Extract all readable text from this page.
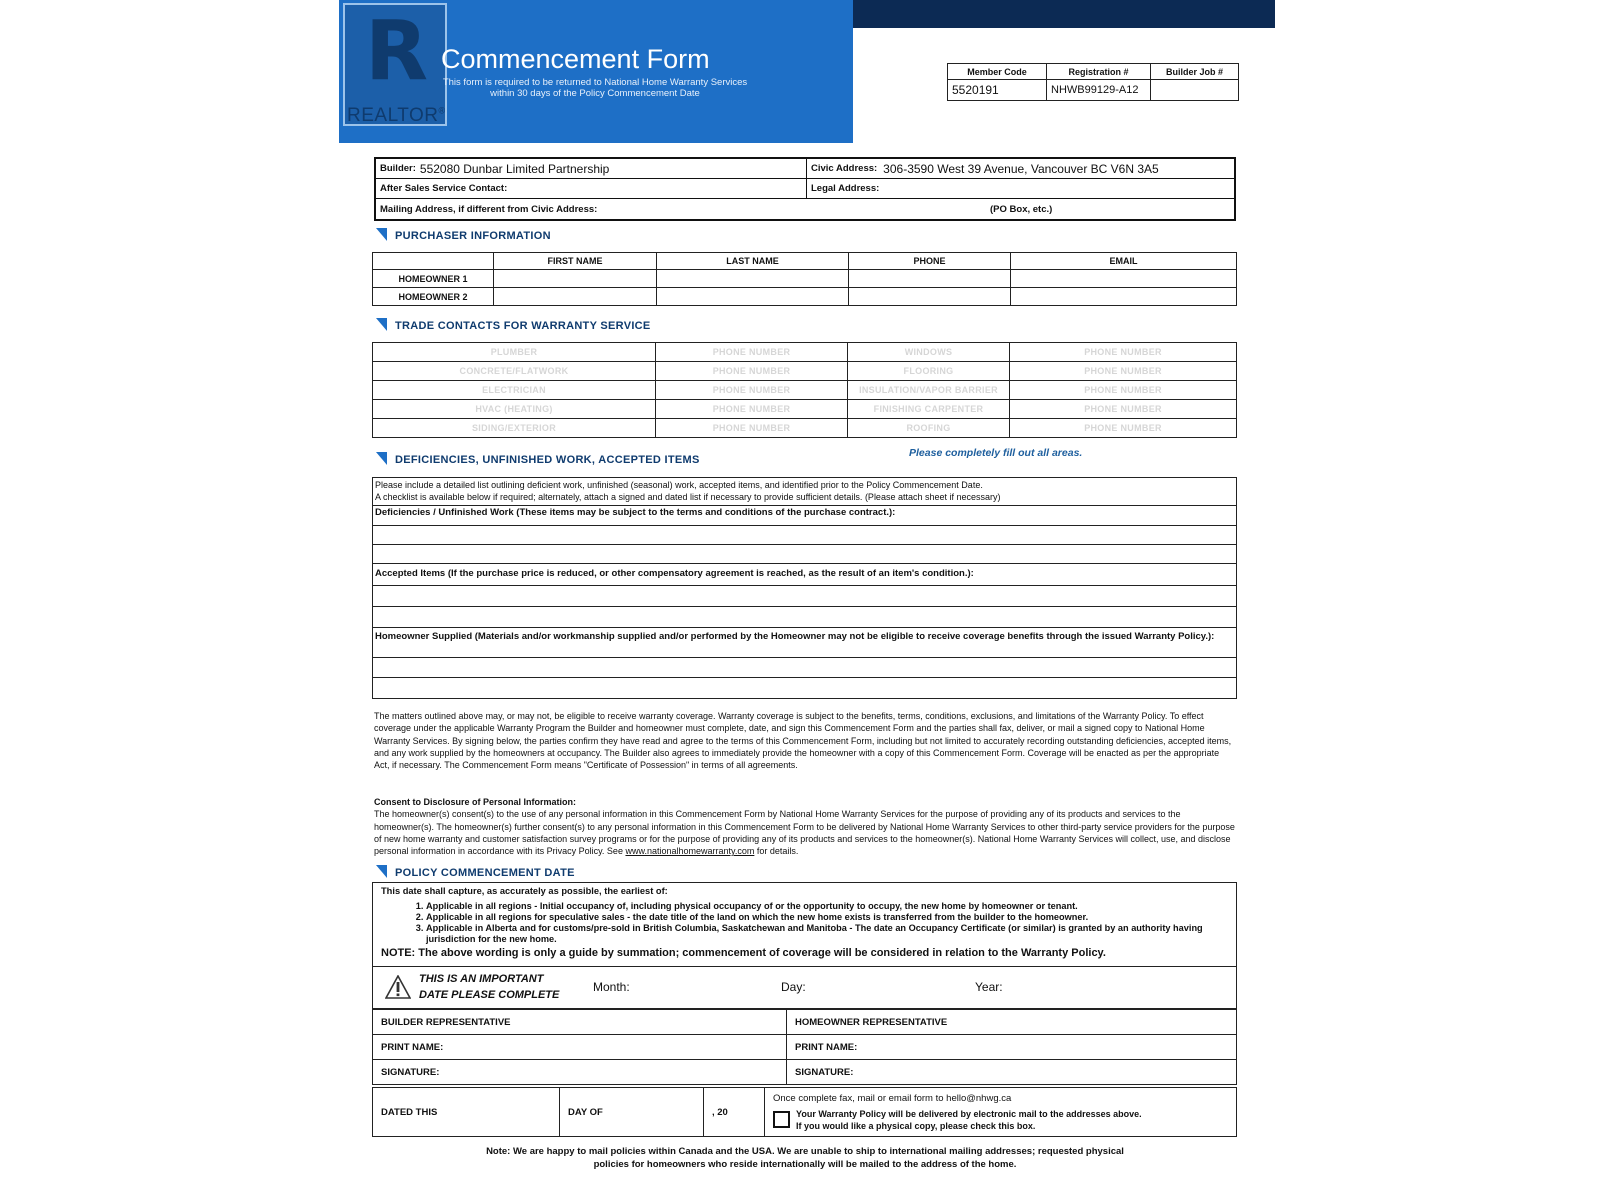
R
REALTOR®
Commencement Form
This form is required to be returned to National Home Warranty Services
within 30 days of the Policy Commencement Date
Member Code	Registration #	Builder Job #
5520191	NHWB99129-A12	
Builder: 552080 Dunbar Limited Partnership	Civic Address: 306-3590 West 39 Avenue, Vancouver BC V6N 3A5
After Sales Service Contact:	Legal Address:
Mailing Address, if different from Civic Address:	(PO Box, etc.)
PURCHASER INFORMATION
	FIRST NAME	LAST NAME	PHONE	EMAIL
HOMEOWNER 1				
HOMEOWNER 2				
TRADE CONTACTS FOR WARRANTY SERVICE
PLUMBER	PHONE NUMBER	WINDOWS	PHONE NUMBER
CONCRETE/FLATWORK	PHONE NUMBER	FLOORING	PHONE NUMBER
ELECTRICIAN	PHONE NUMBER	INSULATION/VAPOR BARRIER	PHONE NUMBER
HVAC (HEATING)	PHONE NUMBER	FINISHING CARPENTER	PHONE NUMBER
SIDING/EXTERIOR	PHONE NUMBER	ROOFING	PHONE NUMBER
DEFICIENCIES, UNFINISHED WORK, ACCEPTED ITEMS
Please completely fill out all areas.
Please include a detailed list outlining deficient work, unfinished (seasonal) work, accepted items, and identified prior to the Policy Commencement Date.
A checklist is available below if required; alternately, attach a signed and dated list if necessary to provide sufficient details. (Please attach sheet if necessary)
Deficiencies / Unfinished Work (These items may be subject to the terms and conditions of the purchase contract.):
Accepted Items (If the purchase price is reduced, or other compensatory agreement is reached, as the result of an item's condition.):
Homeowner Supplied (Materials and/or workmanship supplied and/or performed by the Homeowner may not be eligible to receive coverage benefits through the issued Warranty Policy.):
The matters outlined above may, or may not, be eligible to receive warranty coverage. Warranty coverage is subject to the benefits, terms, conditions, exclusions, and limitations of the Warranty Policy. To effect coverage under the applicable Warranty Program the Builder and homeowner must complete, date, and sign this Commencement Form and the parties shall fax, deliver, or mail a signed copy to National Home Warranty Services. By signing below, the parties confirm they have read and agree to the terms of this Commencement Form, including but not limited to accurately recording outstanding deficiencies, accepted items, and any work supplied by the homeowners at occupancy. The Builder also agrees to immediately provide the homeowner with a copy of this Commencement Form. Coverage will be enacted as per the appropriate Act, if necessary. The Commencement Form means "Certificate of Possession" in terms of all agreements.
Consent to Disclosure of Personal Information:
The homeowner(s) consent(s) to the use of any personal information in this Commencement Form by National Home Warranty Services for the purpose of providing any of its products and services to the homeowner(s). The homeowner(s) further consent(s) to any personal information in this Commencement Form to be delivered by National Home Warranty Services to other third-party service providers for the purpose of new home warranty and customer satisfaction survey programs or for the purpose of providing any of its products and services to the homeowner(s). National Home Warranty Services will collect, use, and disclose personal information in accordance with its Privacy Policy. See www.nationalhomewarranty.com for details.
POLICY COMMENCEMENT DATE
This date shall capture, as accurately as possible, the earliest of:
1. Applicable in all regions - Initial occupancy of, including physical occupancy of or the opportunity to occupy, the new home by homeowner or tenant.
2. Applicable in all regions for speculative sales - the date title of the land on which the new home exists is transferred from the builder to the homeowner.
3. Applicable in Alberta and for customs/pre-sold in British Columbia, Saskatchewan and Manitoba - The date an Occupancy Certificate (or similar) is granted by an authority having jurisdiction for the new home.
NOTE: The above wording is only a guide by summation; commencement of coverage will be considered in relation to the Warranty Policy.
THIS IS AN IMPORTANT
DATE PLEASE COMPLETE
Month:	Day:	Year:
BUILDER REPRESENTATIVE	HOMEOWNER REPRESENTATIVE
PRINT NAME:	PRINT NAME:
SIGNATURE:	SIGNATURE:
DATED THIS	DAY OF	, 20	
Once complete fax, mail or email form to hello@nhwg.ca
Your Warranty Policy will be delivered by electronic mail to the addresses above.
If you would like a physical copy, please check this box.
Note: We are happy to mail policies within Canada and the USA. We are unable to ship to international mailing addresses; requested physical
policies for homeowners who reside internationally will be mailed to the address of the home.
